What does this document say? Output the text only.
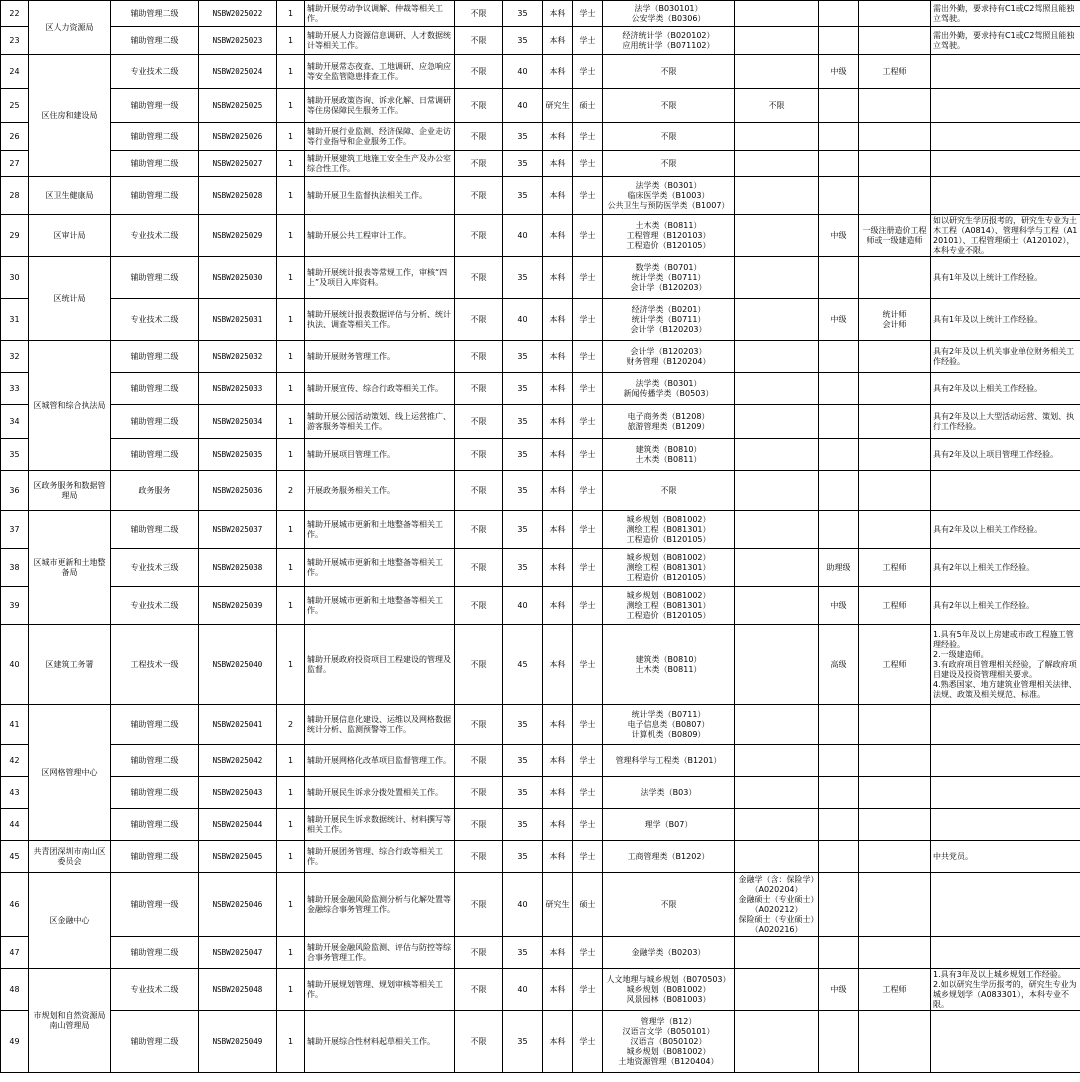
22	区人力资源局	辅助管理二级	NSBW2025022	1	辅助开展劳动争议调解、仲裁等相关工作。	不限	35	本科	学士	法学（B030101）
公安学类（B0306）				需出外勤，要求持有C1或C2驾照且能独立驾驶。
23		辅助管理二级	NSBW2025023	1	辅助开展人力资源信息调研、人才数据统计等相关工作。	不限	35	本科	学士	经济统计学（B020102）
应用统计学（B071102）				需出外勤，要求持有C1或C2驾照且能独立驾驶。
24	区住房和建设局	专业技术二级	NSBW2025024	1	辅助开展常态夜查、工地调研、应急响应等安全监管隐患排查工作。	不限	40	本科	学士	不限		中级	工程师	
25		辅助管理一级	NSBW2025025	1	辅助开展政策咨询、诉求化解、日常调研等住房保障民生服务工作。	不限	40	研究生	硕士	不限	不限			
26		辅助管理二级	NSBW2025026	1	辅助开展行业监测、经济保障、企业走访等行业指导和企业服务工作。	不限	35	本科	学士	不限				
27		辅助管理二级	NSBW2025027	1	辅助开展建筑工地施工安全生产及办公室综合性工作。	不限	35	本科	学士	不限				
28	区卫生健康局	辅助管理二级	NSBW2025028	1	辅助开展卫生监督执法相关工作。	不限	35	本科	学士	法学类（B0301）
临床医学类（B1003）
公共卫生与预防医学类（B1007）				
29	区审计局	专业技术二级	NSBW2025029	1	辅助开展公共工程审计工作。	不限	40	本科	学士	土木类（B0811）
工程管理（B120103）
工程造价（B120105）		中级	一级注册造价工程师或一级建造师	如以研究生学历报考的，研究生专业为土木工程（A0814）、管理科学与工程（A120101）、工程管理硕士（A120102），本科专业不限。
30	区统计局	辅助管理二级	NSBW2025030	1	辅助开展统计报表等常规工作，审核“四上”及项目入库资料。	不限	35	本科	学士	数学类（B0701）
统计学类（B0711）
会计学（B120203）				具有1年及以上统计工作经验。
31		专业技术二级	NSBW2025031	1	辅助开展统计报表数据评估与分析、统计执法、调查等相关工作。	不限	40	本科	学士	经济学类（B0201）
统计学类（B0711）
会计学（B120203）		中级	统计师
会计师	具有1年及以上统计工作经验。
32	区城管和综合执法局	辅助管理二级	NSBW2025032	1	辅助开展财务管理工作。	不限	35	本科	学士	会计学（B120203）
财务管理（B120204）				具有2年及以上机关事业单位财务相关工作经验。
33		辅助管理二级	NSBW2025033	1	辅助开展宣传、综合行政等相关工作。	不限	35	本科	学士	法学类（B0301）
新闻传播学类（B0503）				具有2年及以上相关工作经验。
34		辅助管理二级	NSBW2025034	1	辅助开展公园活动策划、线上运营推广、游客服务等相关工作。	不限	35	本科	学士	电子商务类（B1208）
旅游管理类（B1209）				具有2年及以上大型活动运营、策划、执行工作经验。
35		辅助管理二级	NSBW2025035	1	辅助开展项目管理工作。	不限	35	本科	学士	建筑类（B0810）
土木类（B0811）				具有2年及以上项目管理工作经验。
36	区政务服务和数据管理局	政务服务	NSBW2025036	2	开展政务服务相关工作。	不限	35	本科	学士	不限				
37	区城市更新和土地整备局	辅助管理二级	NSBW2025037	1	辅助开展城市更新和土地整备等相关工作。	不限	35	本科	学士	城乡规划（B081002）
测绘工程（B081301）
工程造价（B120105）				具有2年及以上相关工作经验。
38		专业技术三级	NSBW2025038	1	辅助开展城市更新和土地整备等相关工作。	不限	35	本科	学士	城乡规划（B081002）
测绘工程（B081301）
工程造价（B120105）		助理级	工程师	具有2年以上相关工作经验。
39		专业技术二级	NSBW2025039	1	辅助开展城市更新和土地整备等相关工作。	不限	40	本科	学士	城乡规划（B081002）
测绘工程（B081301）
工程造价（B120105）		中级	工程师	具有2年以上相关工作经验。
40	区建筑工务署	工程技术一级	NSBW2025040	1	辅助开展政府投资项目工程建设的管理及监督。	不限	45	本科	学士	建筑类（B0810）
土木类（B0811）		高级	工程师	1.具有5年及以上房建或市政工程施工管理经验。
2.一级建造师。
3.有政府项目管理相关经验，了解政府项目建设及投资管理相关要求。
4.熟悉国家、地方建筑业管理相关法律、法规、政策及相关规范、标准。
41	区网格管理中心	辅助管理二级	NSBW2025041	2	辅助开展信息化建设、运维以及网格数据统计分析、监测预警等工作。	不限	35	本科	学士	统计学类（B0711）
电子信息类（B0807）
计算机类（B0809）				
42		辅助管理二级	NSBW2025042	1	辅助开展网格化改革项目监督管理工作。	不限	35	本科	学士	管理科学与工程类（B1201）				
43		辅助管理二级	NSBW2025043	1	辅助开展民生诉求分拨处置相关工作。	不限	35	本科	学士	法学类（B03）				
44		辅助管理二级	NSBW2025044	1	辅助开展民生诉求数据统计、材料撰写等相关工作。	不限	35	本科	学士	理学（B07）				
45	共青团深圳市南山区委员会	辅助管理二级	NSBW2025045	1	辅助开展团务管理、综合行政等相关工作。	不限	35	本科	学士	工商管理类（B1202）				中共党员。
46	区金融中心	辅助管理一级	NSBW2025046	1	辅助开展金融风险监测分析与化解处置等金融综合事务管理工作。	不限	40	研究生	硕士	不限	金融学（含：保险学）（A020204）
金融硕士（专业硕士）（A020212）
保险硕士（专业硕士）（A020216）			
47		辅助管理二级	NSBW2025047	1	辅助开展金融风险监测、评估与防控等综合事务管理工作。	不限	35	本科	学士	金融学类（B0203）				
48	市规划和自然资源局南山管理局	专业技术二级	NSBW2025048	1	辅助开展规划管理、规划审核等相关工作。	不限	40	本科	学士	人文地理与城乡规划（B070503）
城乡规划（B081002）
风景园林（B081003）		中级	工程师	1.具有3年及以上城乡规划工作经验。
2.如以研究生学历报考的，研究生专业为城乡规划学（A083301），本科专业不限。
49		辅助管理二级	NSBW2025049	1	辅助开展综合性材料起草相关工作。	不限	35	本科	学士	管理学（B12）
汉语言文学（B050101）
汉语言（B050102）
城乡规划（B081002）
土地资源管理（B120404）				
